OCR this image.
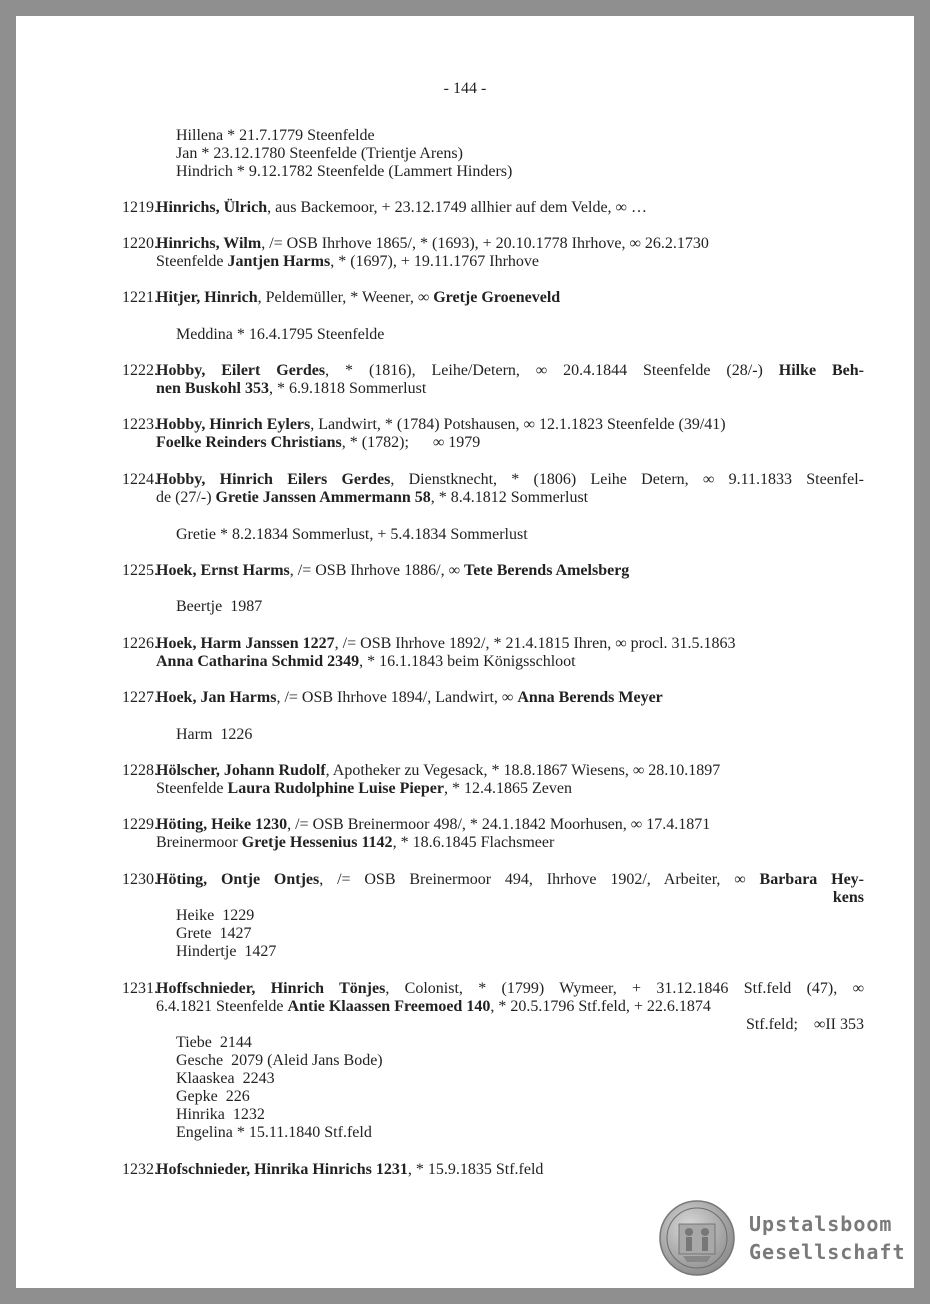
- 144 -
Hillena * 21.7.1779 Steenfelde
Jan * 23.12.1780 Steenfelde (Trientje Arens)
Hindrich * 9.12.1782 Steenfelde (Lammert Hinders)
1219.
Hinrichs, Ülrich, aus Backemoor, + 23.12.1749 allhier auf dem Velde, ∞ …
1220.
Hinrichs, Wilm, /= OSB Ihrhove 1865/, * (1693), + 20.10.1778 Ihrhove, ∞ 26.2.1730
Steenfelde Jantjen Harms, * (1697), + 19.11.1767 Ihrhove
1221.
Hitjer, Hinrich, Peldemüller, * Weener, ∞ Gretje Groeneveld
Meddina * 16.4.1795 Steenfelde
1222.
Hobby, Eilert Gerdes, * (1816), Leihe/Detern, ∞ 20.4.1844 Steenfelde (28/-) Hilke Beh-
nen Buskohl 353, * 6.9.1818 Sommerlust
1223.
Hobby, Hinrich Eylers, Landwirt, * (1784) Potshausen, ∞ 12.1.1823 Steenfelde (39/41)
Foelke Reinders Christians, * (1782);      ∞ 1979
1224.
Hobby, Hinrich Eilers Gerdes, Dienstknecht, * (1806) Leihe Detern, ∞ 9.11.1833 Steenfel-
de (27/-) Gretie Janssen Ammermann 58, * 8.4.1812 Sommerlust
Gretie * 8.2.1834 Sommerlust, + 5.4.1834 Sommerlust
1225.
Hoek, Ernst Harms, /= OSB Ihrhove 1886/, ∞ Tete Berends Amelsberg
Beertje  1987
1226.
Hoek, Harm Janssen 1227, /= OSB Ihrhove 1892/, * 21.4.1815 Ihren, ∞ procl. 31.5.1863
Anna Catharina Schmid 2349, * 16.1.1843 beim Königsschloot
1227.
Hoek, Jan Harms, /= OSB Ihrhove 1894/, Landwirt, ∞ Anna Berends Meyer
Harm  1226
1228.
Hölscher, Johann Rudolf, Apotheker zu Vegesack, * 18.8.1867 Wiesens, ∞ 28.10.1897
Steenfelde Laura Rudolphine Luise Pieper, * 12.4.1865 Zeven
1229.
Höting, Heike 1230, /= OSB Breinermoor 498/, * 24.1.1842 Moorhusen, ∞ 17.4.1871
Breinermoor Gretje Hessenius 1142, * 18.6.1845 Flachsmeer
1230.
Höting, Ontje Ontjes, /= OSB Breinermoor 494, Ihrhove 1902/, Arbeiter, ∞ Barbara Hey-
kens
Heike  1229
Grete  1427
Hindertje  1427
1231.
Hoffschnieder, Hinrich Tönjes, Colonist, * (1799) Wymeer, + 31.12.1846 Stf.feld (47), ∞
6.4.1821 Steenfelde Antie Klaassen Freemoed 140, * 20.5.1796 Stf.feld, + 22.6.1874
Stf.feld;    ∞II 353
Tiebe  2144
Gesche  2079 (Aleid Jans Bode)
Klaaskea  2243
Gepke  226
Hinrika  1232
Engelina * 15.11.1840 Stf.feld
1232.
Hofschnieder, Hinrika Hinrichs 1231, * 15.9.1835 Stf.feld
Upstalsboom
Gesellschaft
